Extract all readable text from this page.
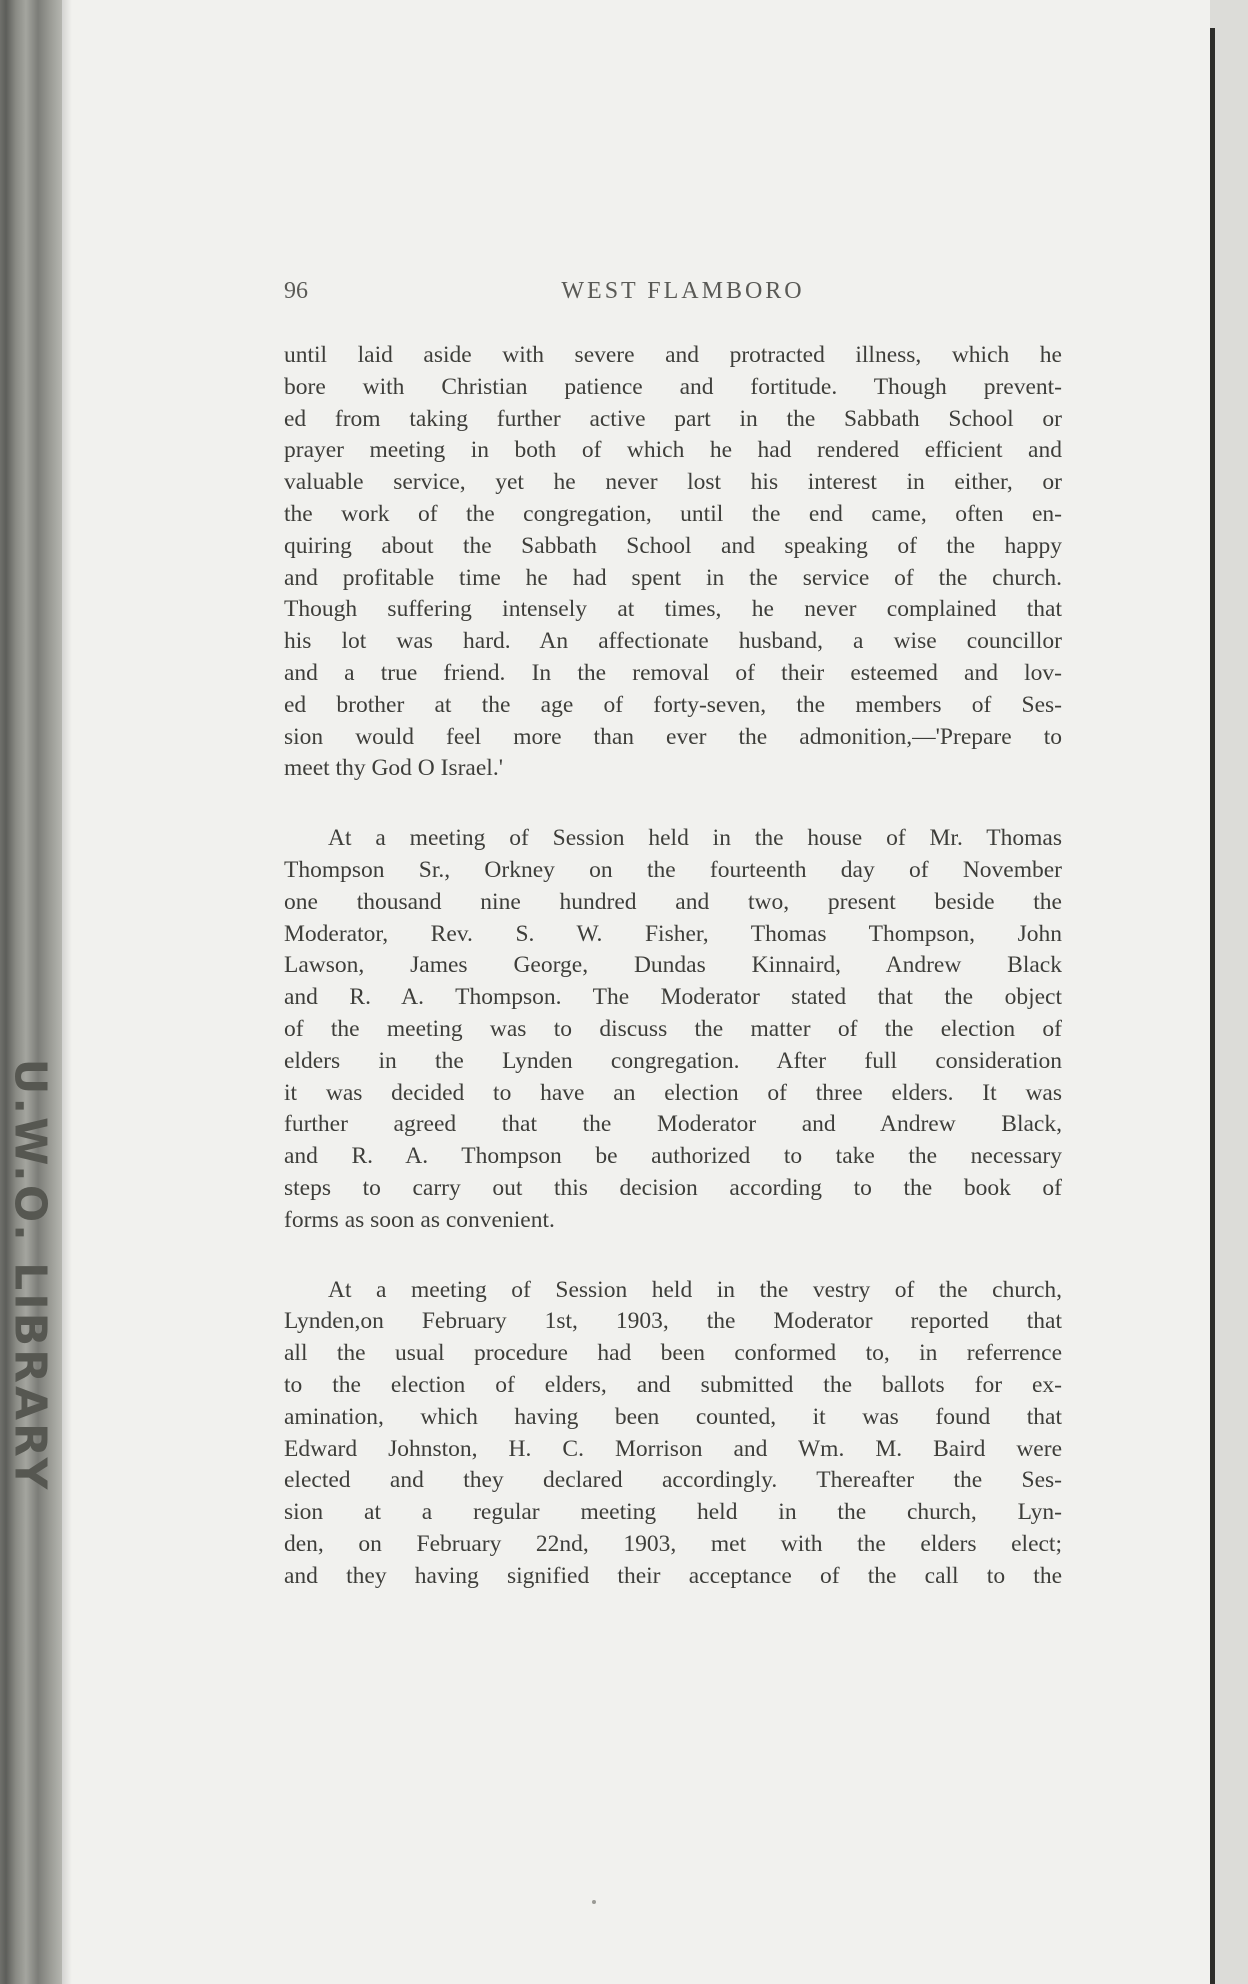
U.W.O. LIBRARY
96	WEST FLAMBORO

until laid aside with severe and protracted illness, which he
bore with Christian patience and fortitude. Though prevent-
ed from taking further active part in the Sabbath School or
prayer meeting in both of which he had rendered efficient and
valuable service, yet he never lost his interest in either, or
the work of the congregation, until the end came, often en-
quiring about the Sabbath School and speaking of the happy
and profitable time he had spent in the service of the church.
Though suffering intensely at times, he never complained that
his lot was hard. An affectionate husband, a wise councillor
and a true friend. In the removal of their esteemed and lov-
ed brother at the age of forty-seven, the members of Ses-
sion would feel more than ever the admonition,—'Prepare to
meet thy God O Israel.'

At a meeting of Session held in the house of Mr. Thomas
Thompson Sr., Orkney on the fourteenth day of November
one thousand nine hundred and two, present beside the
Moderator, Rev. S. W. Fisher, Thomas Thompson, John
Lawson, James George, Dundas Kinnaird, Andrew Black
and R. A. Thompson. The Moderator stated that the object
of the meeting was to discuss the matter of the election of
elders in the Lynden congregation. After full consideration
it was decided to have an election of three elders. It was
further agreed that the Moderator and Andrew Black,
and R. A. Thompson be authorized to take the necessary
steps to carry out this decision according to the book of
forms as soon as convenient.

At a meeting of Session held in the vestry of the church,
Lynden,on February 1st, 1903, the Moderator reported that
all the usual procedure had been conformed to, in referrence
to the election of elders, and submitted the ballots for ex-
amination, which having been counted, it was found that
Edward Johnston, H. C. Morrison and Wm. M. Baird were
elected and they declared accordingly. Thereafter the Ses-
sion at a regular meeting held in the church, Lyn-
den, on February 22nd, 1903, met with the elders elect;
and they having signified their acceptance of the call to the
